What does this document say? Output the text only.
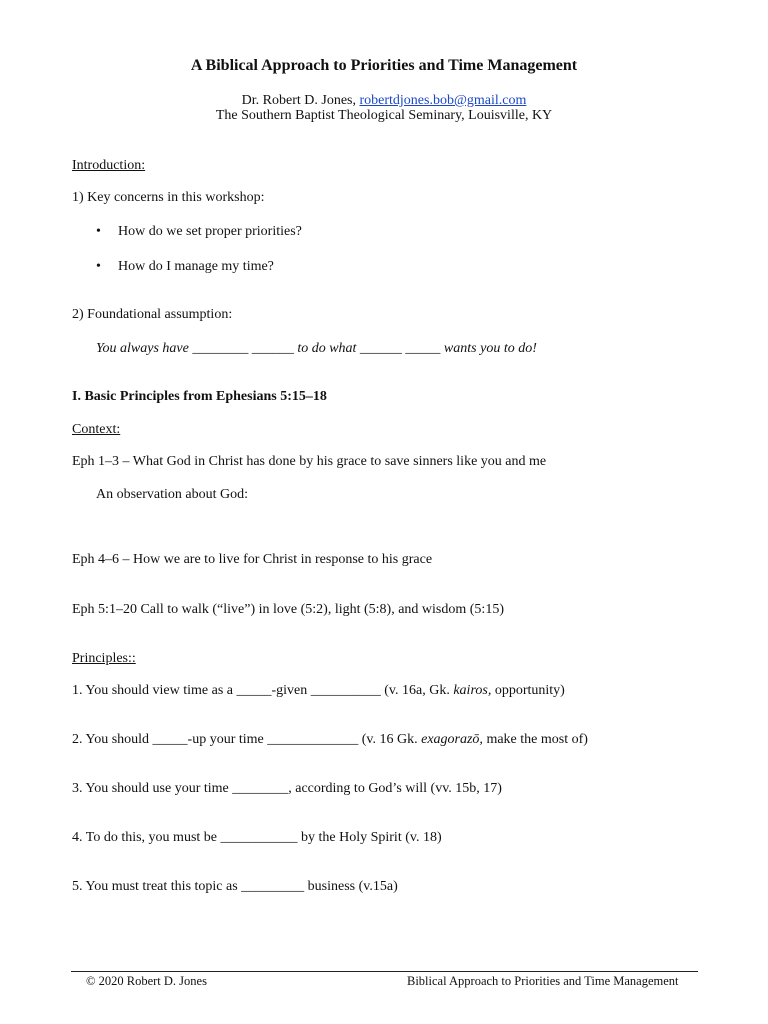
A Biblical Approach to Priorities and Time Management
Dr. Robert D. Jones, robertdjones.bob@gmail.com
The Southern Baptist Theological Seminary, Louisville, KY
Introduction:
1) Key concerns in this workshop:
• How do we set proper priorities?
• How do I manage my time?
2) Foundational assumption:
You always have ________ ______ to do what ______ _____ wants you to do!
I. Basic Principles from Ephesians 5:15–18
Context:
Eph 1–3 – What God in Christ has done by his grace to save sinners like you and me
An observation about God:
Eph 4–6 – How we are to live for Christ in response to his grace
Eph 5:1–20 Call to walk (“live”) in love (5:2), light (5:8), and wisdom (5:15)
Principles::
1. You should view time as a _____-given __________ (v. 16a, Gk. kairos, opportunity)
2. You should _____-up your time _____________ (v. 16 Gk. exagorazō, make the most of)
3. You should use your time ________, according to God’s will (vv. 15b, 17)
4. To do this, you must be ___________ by the Holy Spirit (v. 18)
5. You must treat this topic as _________ business (v.15a)
© 2020 Robert D. Jones	Biblical Approach to Priorities and Time Management
